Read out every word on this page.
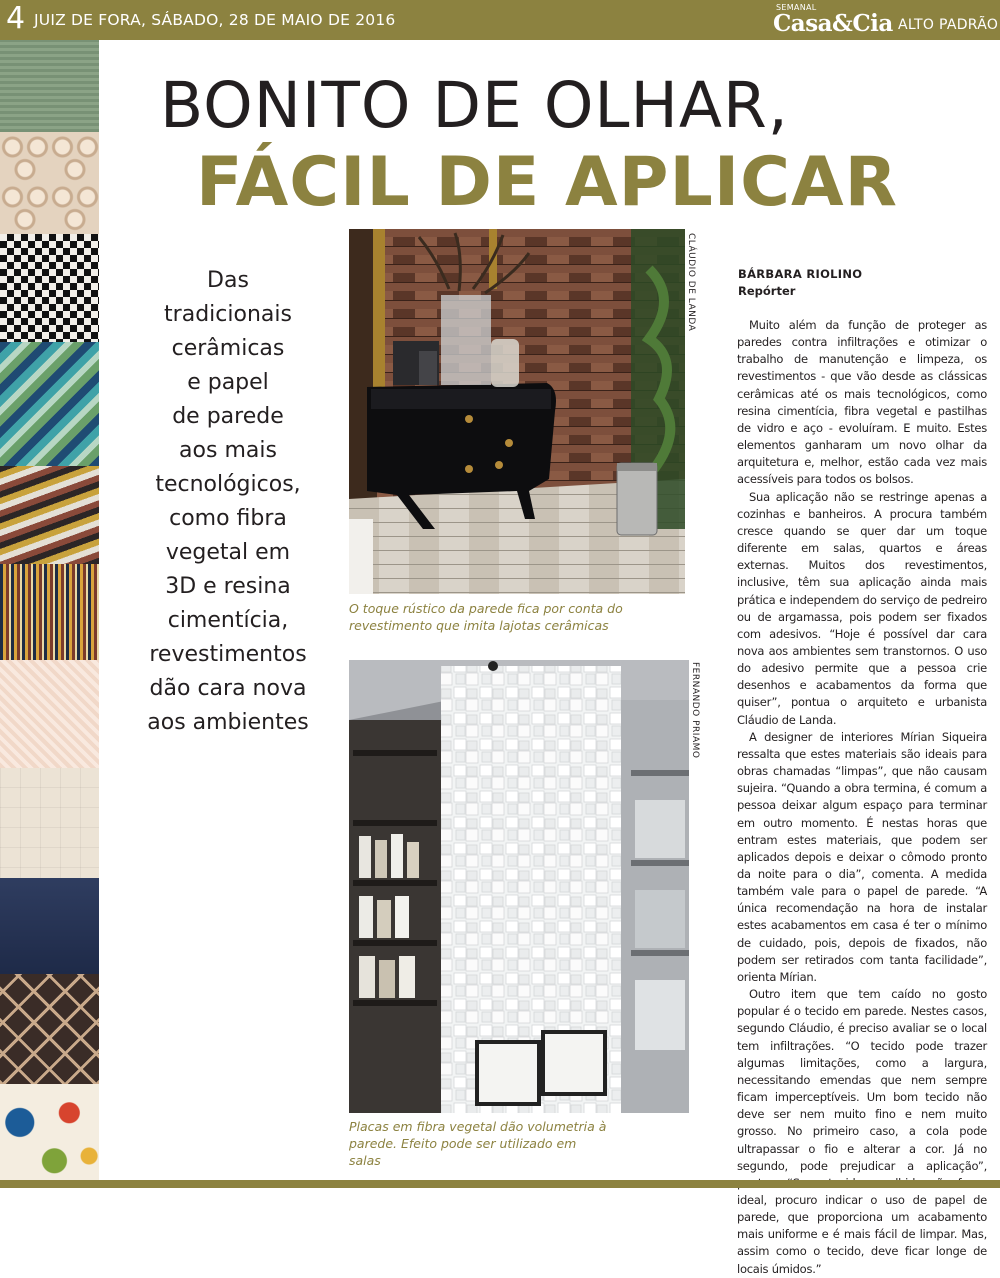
4 JUIZ DE FORA, SÁBADO, 28 DE MAIO DE 2016
SEMANAL
Casa&Cia ALTO PADRÃO
BONITO DE OLHAR,
FÁCIL DE APLICAR
Das
tradicionais
cerâmicas
e papel
de parede
aos mais
tecnológicos,
como fibra
vegetal em
3D e resina
cimentícia,
revestimentos
dão cara nova
aos ambientes
CLÁUDIO DE LANDA
O toque rústico da parede fica por conta do revestimento que imita lajotas cerâmicas
FERNANDO PRIAMO
Placas em fibra vegetal dão volumetria à parede. Efeito pode ser utilizado em salas
BÁRBARA RIOLINO
Repórter

Muito além da função de proteger as paredes contra infiltrações e otimizar o trabalho de manutenção e limpeza, os revestimentos - que vão desde as clássicas cerâmicas até os mais tecnológicos, como resina cimentícia, fibra vegetal e pastilhas de vidro e aço - evoluíram. E muito. Estes elementos ganharam um novo olhar da arquitetura e, melhor, estão cada vez mais acessíveis para todos os bolsos.

Sua aplicação não se restringe apenas a cozinhas e banheiros. A procura também cresce quando se quer dar um toque diferente em salas, quartos e áreas externas. Muitos dos revestimentos, inclusive, têm sua aplicação ainda mais prática e independem do serviço de pedreiro ou de argamassa, pois podem ser fixados com adesivos. “Hoje é possível dar cara nova aos ambientes sem transtornos. O uso do adesivo permite que a pessoa crie desenhos e acabamentos da forma que quiser”, pontua o arquiteto e urbanista Cláudio de Landa.

A designer de interiores Mírian Siqueira ressalta que estes materiais são ideais para obras chamadas “limpas”, que não causam sujeira. “Quando a obra termina, é comum a pessoa deixar algum espaço para terminar em outro momento. É nestas horas que entram estes materiais, que podem ser aplicados depois e deixar o cômodo pronto da noite para o dia”, comenta. A medida também vale para o papel de parede. “A única recomendação na hora de instalar estes acabamentos em casa é ter o mínimo de cuidado, pois, depois de fixados, não podem ser retirados com tanta facilidade”, orienta Mírian.

Outro item que tem caído no gosto popular é o tecido em parede. Nestes casos, segundo Cláudio, é preciso avaliar se o local tem infiltrações. “O tecido pode trazer algumas limitações, como a largura, necessitando emendas que nem sempre ficam imperceptíveis. Um bom tecido não deve ser nem muito fino e nem muito grosso. No primeiro caso, a cola pode ultrapassar o fio e alterar a cor. Já no segundo, pode prejudicar a aplicação”, ideal, procuro indicar o uso de papel de parede, que proporciona um acabamento mais uniforme e é mais fácil de limpar. Mas, assim como o tecido, deve ficar longe de locais úmidos.”
